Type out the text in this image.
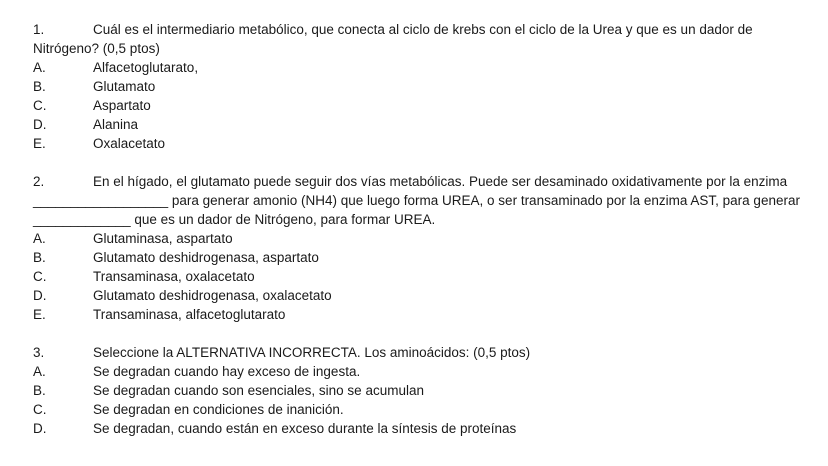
1.	Cuál es el intermediario metabólico, que conecta al ciclo de krebs con el ciclo de la Urea y que es un dador de Nitrógeno? (0,5 ptos)

A.	Alfacetoglutarato,

B.	Glutamato

C.	Aspartato

D.	Alanina

E.	Oxalacetato

2.	En el hígado, el glutamato puede seguir dos vías metabólicas. Puede ser desaminado oxidativamente por la enzima __________________ para generar amonio (NH4) que luego forma UREA, o ser transaminado por la enzima AST, para generar _____________ que es un dador de Nitrógeno, para formar UREA.

A.	Glutaminasa, aspartato

B.	Glutamato deshidrogenasa, aspartato

C.	Transaminasa, oxalacetato

D.	Glutamato deshidrogenasa, oxalacetato

E.	Transaminasa, alfacetoglutarato

3.	Seleccione la ALTERNATIVA INCORRECTA. Los aminoácidos: (0,5 ptos)

A.	Se degradan cuando hay exceso de ingesta.

B.	Se degradan cuando son esenciales, sino se acumulan

C.	Se degradan en condiciones de inanición.

D.	Se degradan, cuando están en exceso durante la síntesis de proteínas
